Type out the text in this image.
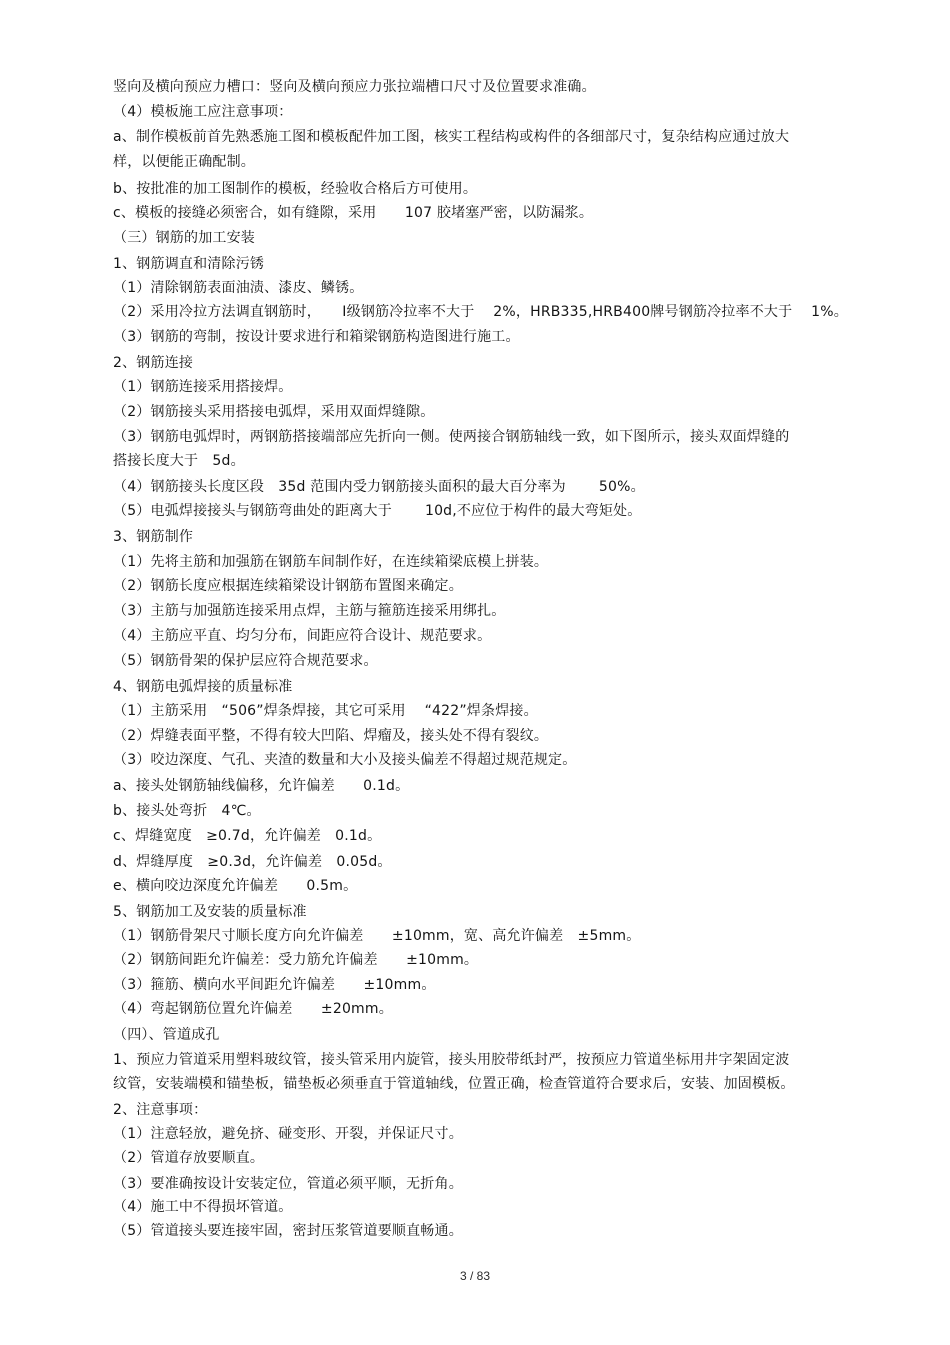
竖向及横向预应力槽口：竖向及横向预应力张拉端槽口尺寸及位置要求准确。
（4）模板施工应注意事项：
a、制作模板前首先熟悉施工图和模板配件加工图，核实工程结构或构件的各细部尺寸，复杂结构应通过放大
样，以便能正确配制。
b、按批准的加工图制作的模板，经验收合格后方可使用。
c、模板的接缝必须密合，如有缝隙，采用　　107 胶堵塞严密，以防漏浆。
（三）钢筋的加工安装
1、钢筋调直和清除污锈
（1）清除钢筋表面油渍、漆皮、鳞锈。
（2）采用冷拉方法调直钢筋时，　　Ⅰ级钢筋冷拉率不大于　 2%，HRB335,HRB400牌号钢筋冷拉率不大于　 1%。
（3）钢筋的弯制，按设计要求进行和箱梁钢筋构造图进行施工。
2、钢筋连接
（1）钢筋连接采用搭接焊。
（2）钢筋接头采用搭接电弧焊，采用双面焊缝隙。
（3）钢筋电弧焊时，两钢筋搭接端部应先折向一侧。使两接合钢筋轴线一致，如下图所示，接头双面焊缝的
搭接长度大于　5d。
（4）钢筋接头长度区段　35d 范围内受力钢筋接头面积的最大百分率为　　 50%。
（5）电弧焊接接头与钢筋弯曲处的距离大于　　 10d,不应位于构件的最大弯矩处。
3、钢筋制作
（1）先将主筋和加强筋在钢筋车间制作好，在连续箱梁底模上拼装。
（2）钢筋长度应根据连续箱梁设计钢筋布置图来确定。
（3）主筋与加强筋连接采用点焊，主筋与箍筋连接采用绑扎。
（4）主筋应平直、均匀分布，间距应符合设计、规范要求。
（5）钢筋骨架的保护层应符合规范要求。
4、钢筋电弧焊接的质量标准
（1）主筋采用　“506”焊条焊接，其它可采用　 “422”焊条焊接。
（2）焊缝表面平整，不得有较大凹陷、焊瘤及，接头处不得有裂纹。
（3）咬边深度、气孔、夹渣的数量和大小及接头偏差不得超过规范规定。
a、接头处钢筋轴线偏移，允许偏差　　0.1d。
b、接头处弯折　4℃。
c、焊缝宽度　≥0.7d，允许偏差　0.1d。
d、焊缝厚度　≥0.3d，允许偏差　0.05d。
e、横向咬边深度允许偏差　　0.5m。
5、钢筋加工及安装的质量标准
（1）钢筋骨架尺寸顺长度方向允许偏差　　±10mm，宽、高允许偏差　±5mm。
（2）钢筋间距允许偏差：受力筋允许偏差　　±10mm。
（3）箍筋、横向水平间距允许偏差　　±10mm。
（4）弯起钢筋位置允许偏差　　±20mm。
（四）、管道成孔
1、预应力管道采用塑料玻纹管，接头管采用内旋管，接头用胶带纸封严，按预应力管道坐标用井字架固定波
纹管，安装端模和锚垫板，锚垫板必须垂直于管道轴线，位置正确，检查管道符合要求后，安装、加固模板。
2、注意事项：
（1）注意轻放，避免挤、碰变形、开裂，并保证尺寸。
（2）管道存放要顺直。
（3）要准确按设计安装定位，管道必须平顺，无折角。
（4）施工中不得损坏管道。
（5）管道接头要连接牢固，密封压浆管道要顺直畅通。
3 / 83
